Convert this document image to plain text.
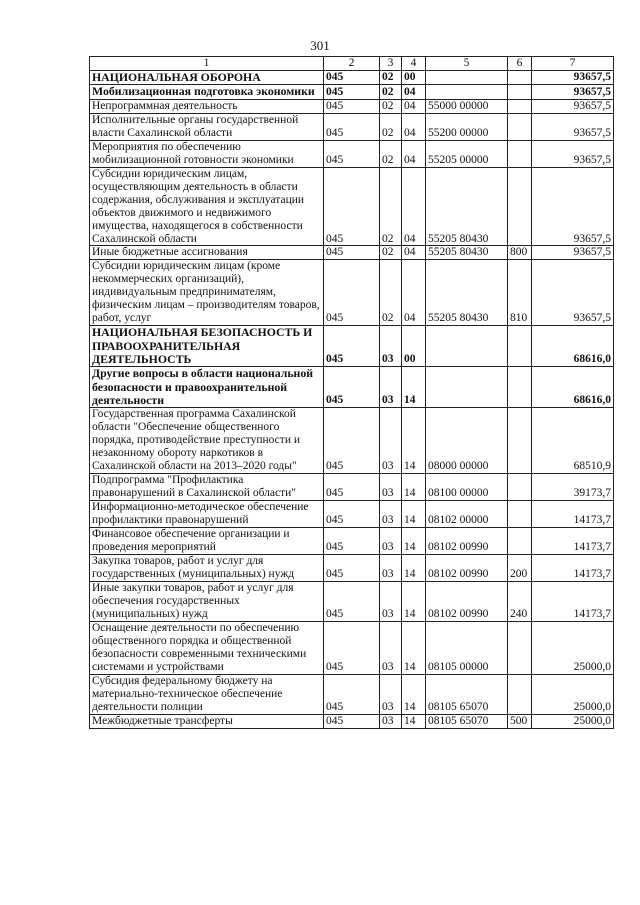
301
1	2	3	4	5	6	7
НАЦИОНАЛЬНАЯ ОБОРОНА	045	02	00			93657,5
Мобилизационная подготовка экономики	045	02	04			93657,5
Непрограммная деятельность	045	02	04	55000 00000		93657,5
Исполнительные органы государственной власти Сахалинской области	045	02	04	55200 00000		93657,5
Мероприятия по обеспечению мобилизационной готовности экономики	045	02	04	55205 00000		93657,5
Субсидии юридическим лицам, осуществляющим деятельность в области содержания, обслуживания и эксплуатации объектов движимого и недвижимого имущества, находящегося в собственности Сахалинской области	045	02	04	55205 80430		93657,5
Иные бюджетные ассигнования	045	02	04	55205 80430	800	93657,5
Субсидии юридическим лицам (кроме некоммерческих организаций), индивидуальным предпринимателям, физическим лицам – производителям товаров, работ, услуг	045	02	04	55205 80430	810	93657,5
НАЦИОНАЛЬНАЯ БЕЗОПАСНОСТЬ И ПРАВООХРАНИТЕЛЬНАЯ ДЕЯТЕЛЬНОСТЬ	045	03	00			68616,0
Другие вопросы в области национальной безопасности и правоохранительной деятельности	045	03	14			68616,0
Государственная программа Сахалинской области "Обеспечение общественного порядка, противодействие преступности и незаконному обороту наркотиков в Сахалинской области на 2013–2020 годы"	045	03	14	08000 00000		68510,9
Подпрограмма "Профилактика правонарушений в Сахалинской области"	045	03	14	08100 00000		39173,7
Информационно-методическое обеспечение профилактики правонарушений	045	03	14	08102 00000		14173,7
Финансовое обеспечение организации и проведения мероприятий	045	03	14	08102 00990		14173,7
Закупка товаров, работ и услуг для государственных (муниципальных) нужд	045	03	14	08102 00990	200	14173,7
Иные закупки товаров, работ и услуг для обеспечения государственных (муниципальных) нужд	045	03	14	08102 00990	240	14173,7
Оснащение деятельности по обеспечению общественного порядка и общественной безопасности современными техническими системами и устройствами	045	03	14	08105 00000		25000,0
Субсидия федеральному бюджету на материально-техническое обеспечение деятельности полиции	045	03	14	08105 65070		25000,0
Межбюджетные трансферты	045	03	14	08105 65070	500	25000,0
